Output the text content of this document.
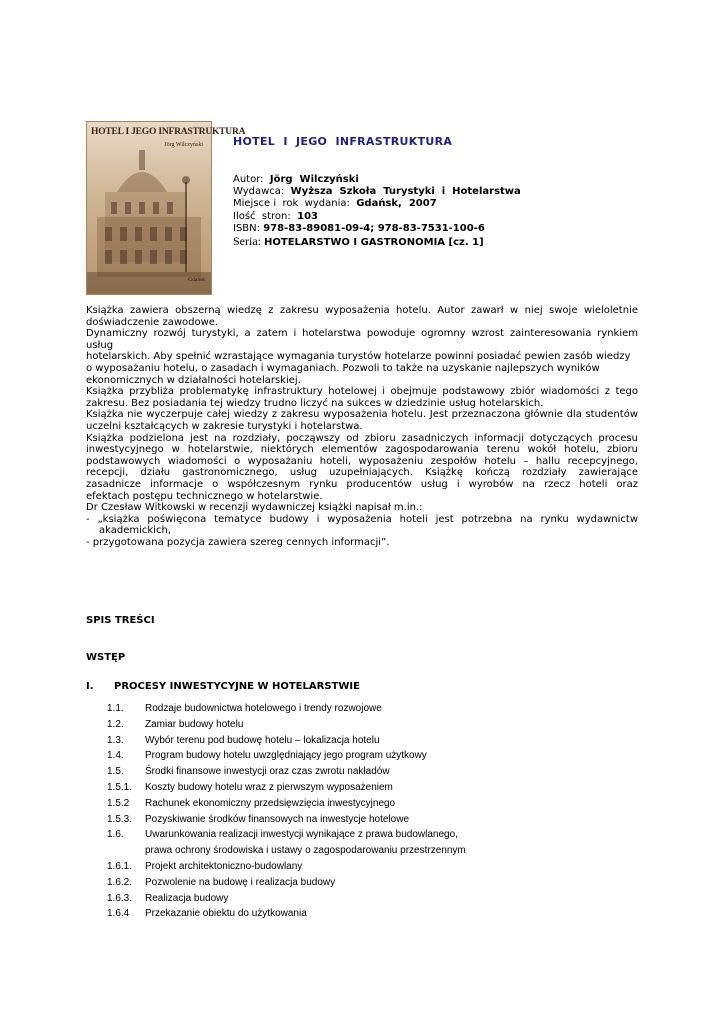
HOTEL I JEGO INFRASTRUKTURA
Jörg Wilczyński
Gdańsk
HOTEL  I  JEGO  INFRASTRUKTURA
Autor:  Jörg  Wilczyński
Wydawca:  Wyższa  Szkoła  Turystyki  i  Hotelarstwa
Miejsce i  rok  wydania:  Gdańsk,  2007
Ilość  stron:  103
ISBN: 978-83-89081-09-4; 978-83-7531-100-6
Seria: HOTELARSTWO I GASTRONOMIA [cz. 1]

Książka zawiera obszerną wiedzę z zakresu wyposażenia hotelu. Autor zawarł w niej swoje wieloletnie

doświadczenie zawodowe.

Dynamiczny rozwój turystyki, a zatem i hotelarstwa powoduje ogromny wzrost zainteresowania rynkiem usług

hotelarskich. Aby spełnić wzrastające wymagania turystów hotelarze powinni posiadać pewien zasób wiedzy

o wyposażaniu hotelu, o zasadach i wymaganiach. Pozwoli to także na uzyskanie najlepszych wyników

ekonomicznych w działalności hotelarskiej.

Książka przybliża problematykę infrastruktury hotelowej i obejmuje podstawowy zbiór wiadomości z tego

zakresu. Bez posiadania tej wiedzy trudno liczyć na sukces w dziedzinie usług hotelarskich.

Książka nie wyczerpuje całej wiedzy z zakresu wyposażenia hotelu. Jest przeznaczona głównie dla studentów

uczelni kształcących w zakresie turystyki i hotelarstwa.

Książka podzielona jest na rozdziały, począwszy od zbioru zasadniczych informacji dotyczących procesu

inwestycyjnego w hotelarstwie, niektórych elementów zagospodarowania terenu wokół hotelu, zbioru

podstawowych wiadomości o wyposażaniu hoteli, wyposażeniu zespołów hotelu – hallu recepcyjnego,

recepcji, działu gastronomicznego, usług uzupełniających. Książkę kończą rozdziały zawierające

zasadnicze informacje o współczesnym rynku producentów usług i wyrobów na rzecz hoteli oraz

efektach postępu technicznego w hotelarstwie.

Dr Czesław Witkowski w recenzji wydawniczej książki napisał m.in.:

- „książka poświęcona tematyce budowy i wyposażenia hoteli jest potrzebna na rynku wydawnictw

akademickich,

- przygotowana pozycja zawiera szereg cennych informacji”.

SPIS TREŚCI
WSTĘP
I. PROCESY INWESTYCYJNE W HOTELARSTWIE
1.1. Rodzaje budownictwa hotelowego i trendy rozwojowe
1.2. Zamiar budowy hotelu
1.3. Wybór terenu pod budowę hotelu – lokalizacja hotelu
1.4. Program budowy hotelu uwzględniający jego program użytkowy
1.5. Środki finansowe inwestycji oraz czas zwrotu nakładów
1.5.1. Koszty budowy hotelu wraz z pierwszym wyposażeniem
1.5.2 Rachunek ekonomiczny przedsięwzięcia inwestycyjnego
1.5.3. Pozyskiwanie środków finansowych na inwestycje hotelowe
1.6. Uwarunkowania realizacji inwestycji wynikające z prawa budowlanego,
prawa ochrony środowiska i ustawy o zagospodarowaniu przestrzennym
1.6.1. Projekt architektoniczno-budowlany
1.6.2. Pozwolenie na budowę i realizacja budowy
1.6.3. Realizacja budowy
1.6.4 Przekazanie obiektu do użytkowania
